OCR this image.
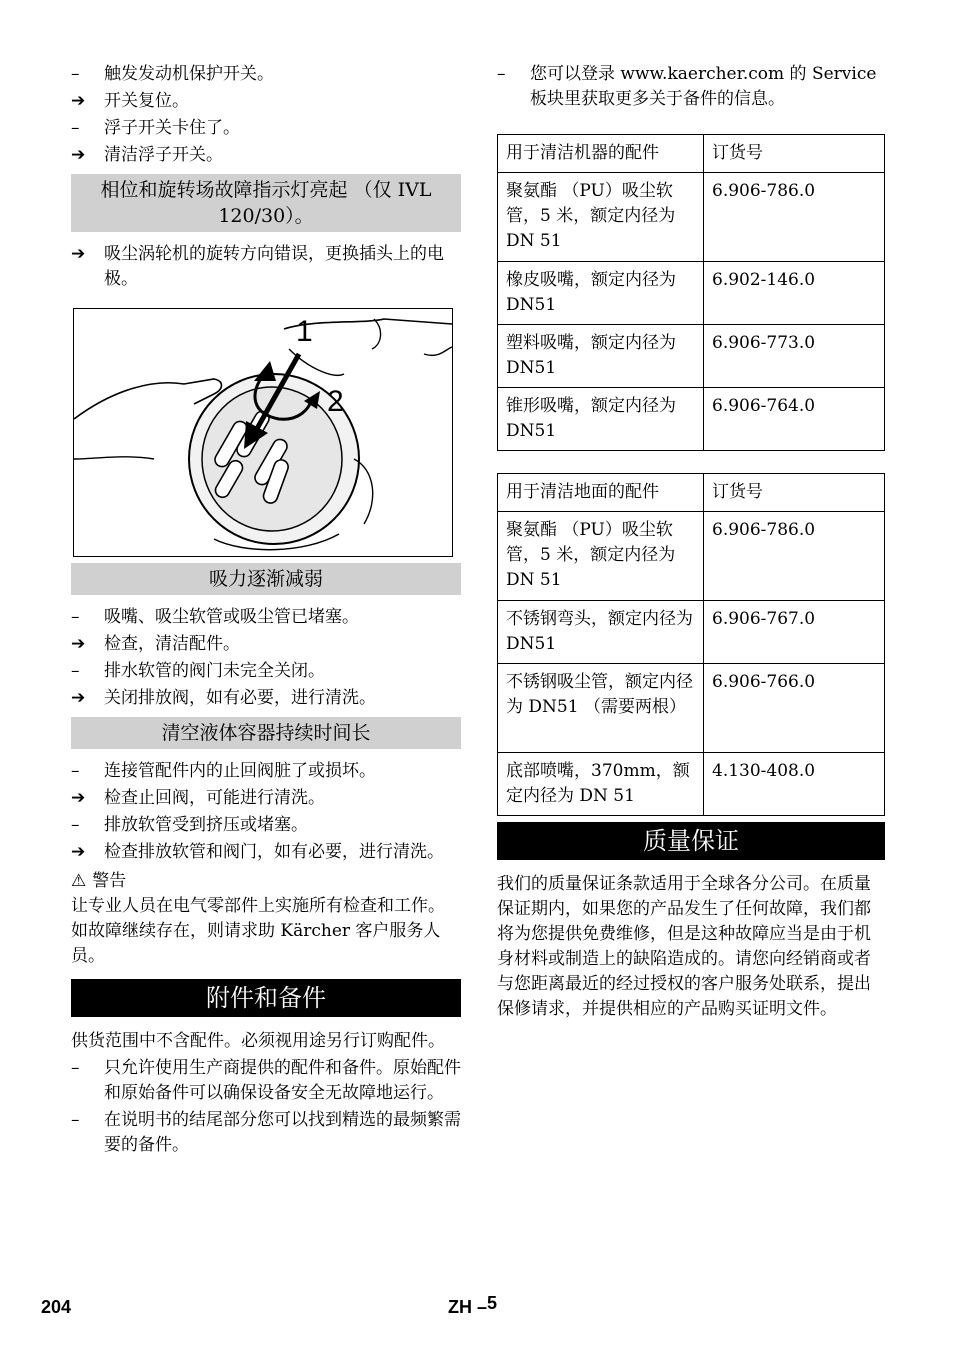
–	触发发动机保护开关。
➔	开关复位。
–	浮子开关卡住了。
➔	清洁浮子开关。
相位和旋转场故障指示灯亮起 （仅 IVL 120/30）。
➔	吸尘涡轮机的旋转方向错误，更换插头上的电极。
1
2
吸力逐渐减弱
–	吸嘴、吸尘软管或吸尘管已堵塞。
➔	检查，清洁配件。
–	排水软管的阀门未完全关闭。
➔	关闭排放阀，如有必要，进行清洗。
清空液体容器持续时间长
–	连接管配件内的止回阀脏了或损坏。
➔	检查止回阀，可能进行清洗。
–	排放软管受到挤压或堵塞。
➔	检查排放软管和阀门，如有必要，进行清洗。
⚠ 警告

让专业人员在电气零部件上实施所有检查和工作。如故障继续存在，则请求助 Kärcher 客户服务人员。

附件和备件

供货范围中不含配件。必须视用途另行订购配件。

–	只允许使用生产商提供的配件和备件。原始配件和原始备件可以确保设备安全无故障地运行。
–	在说明书的结尾部分您可以找到精选的最频繁需要的备件。
–	您可以登录 www.kaercher.com 的 Service 板块里获取更多关于备件的信息。
用于清洁机器的配件	订货号
聚氨酯 （PU）吸尘软管，5 米，额定内径为 DN 51	6.906-786.0
橡皮吸嘴，额定内径为 DN51	6.902-146.0
塑料吸嘴，额定内径为 DN51	6.906-773.0
锥形吸嘴，额定内径为 DN51	6.906-764.0
用于清洁地面的配件	订货号
聚氨酯 （PU）吸尘软管，5 米，额定内径为 DN 51	6.906-786.0
不锈钢弯头，额定内径为 DN51	6.906-767.0
不锈钢吸尘管，额定内径为 DN51 （需要两根）	6.906-766.0
底部喷嘴，370mm，额定内径为 DN 51	4.130-408.0
质量保证

我们的质量保证条款适用于全球各分公司。在质量保证期内，如果您的产品发生了任何故障，我们都将为您提供免费维修，但是这种故障应当是由于机身材料或制造上的缺陷造成的。请您向经销商或者与您距离最近的经过授权的客户服务处联系，提出保修请求，并提供相应的产品购买证明文件。

204	ZH –5
